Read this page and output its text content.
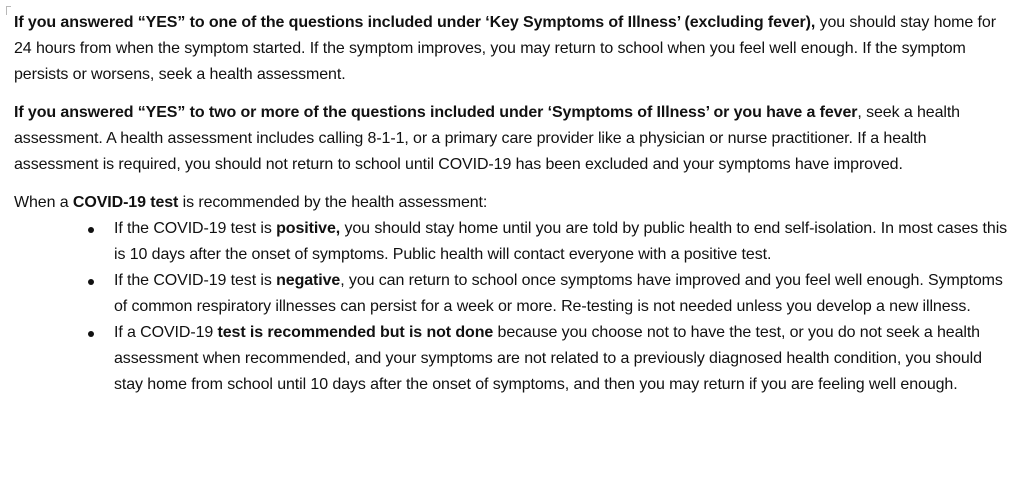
If you answered “YES” to one of the questions included under ‘Key Symptoms of Illness’ (excluding fever), you should stay home for 24 hours from when the symptom started. If the symptom improves, you may return to school when you feel well enough. If the symptom persists or worsens, seek a health assessment.

If you answered “YES” to two or more of the questions included under ‘Symptoms of Illness’ or you have a fever, seek a health assessment. A health assessment includes calling 8-1-1, or a primary care provider like a physician or nurse practitioner. If a health assessment is required, you should not return to school until COVID-19 has been excluded and your symptoms have improved.

When a COVID-19 test is recommended by the health assessment:

If the COVID-19 test is positive, you should stay home until you are told by public health to end self-isolation. In most cases this is 10 days after the onset of symptoms. Public health will contact everyone with a positive test.
If the COVID-19 test is negative, you can return to school once symptoms have improved and you feel well enough. Symptoms of common respiratory illnesses can persist for a week or more. Re-testing is not needed unless you develop a new illness.
If a COVID-19 test is recommended but is not done because you choose not to have the test, or you do not seek a health assessment when recommended, and your symptoms are not related to a previously diagnosed health condition, you should stay home from school until 10 days after the onset of symptoms, and then you may return if you are feeling well enough.
